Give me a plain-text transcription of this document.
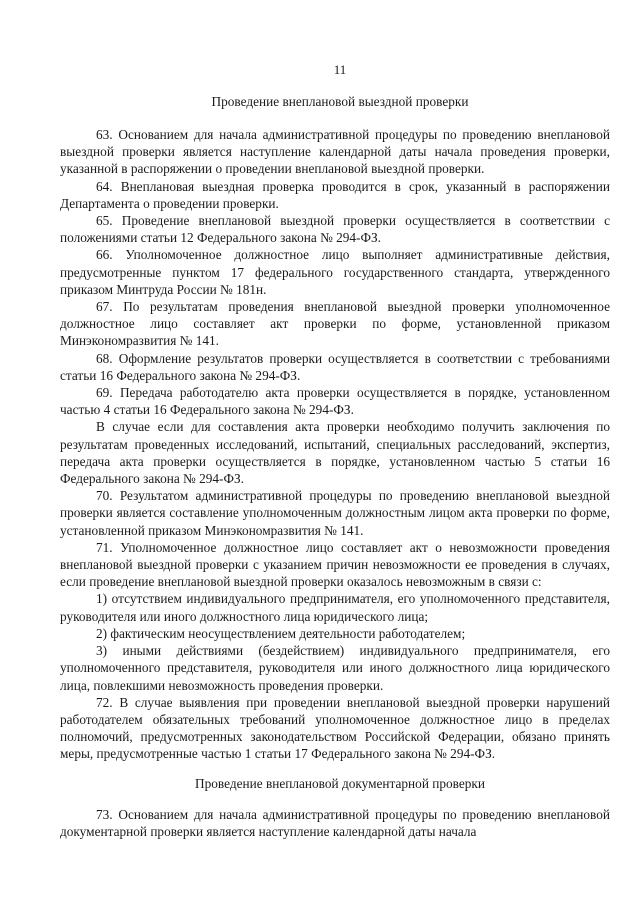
11
Проведение внеплановой выездной проверки

63. Основанием для начала административной процедуры по проведению внеплановой выездной проверки является наступление календарной даты начала проведения проверки, указанной в распоряжении о проведении внеплановой выездной проверки.

64. Внеплановая выездная проверка проводится в срок, указанный в распоряжении Департамента о проведении проверки.

65. Проведение внеплановой выездной проверки осуществляется в соответствии с положениями статьи 12 Федерального закона № 294-ФЗ.

66. Уполномоченное должностное лицо выполняет административные действия, предусмотренные пунктом 17 федерального государственного стандарта, утвержденного приказом Минтруда России № 181н.

67. По результатам проведения внеплановой выездной проверки уполномоченное должностное лицо составляет акт проверки по форме, установленной приказом Минэкономразвития № 141.

68. Оформление результатов проверки осуществляется в соответствии с требованиями статьи 16 Федерального закона № 294-ФЗ.

69. Передача работодателю акта проверки осуществляется в порядке, установленном частью 4 статьи 16 Федерального закона № 294-ФЗ.

В случае если для составления акта проверки необходимо получить заключения по результатам проведенных исследований, испытаний, специальных расследований, экспертиз, передача акта проверки осуществляется в порядке, установленном частью 5 статьи 16 Федерального закона № 294-ФЗ.

70. Результатом административной процедуры по проведению внеплановой выездной проверки является составление уполномоченным должностным лицом акта проверки по форме, установленной приказом Минэкономразвития № 141.

71. Уполномоченное должностное лицо составляет акт о невозможности проведения внеплановой выездной проверки с указанием причин невозможности ее проведения в случаях, если проведение внеплановой выездной проверки оказалось невозможным в связи с:

1) отсутствием индивидуального предпринимателя, его уполномоченного представителя, руководителя или иного должностного лица юридического лица;

2) фактическим неосуществлением деятельности работодателем;

3) иными действиями (бездействием) индивидуального предпринимателя, его уполномоченного представителя, руководителя или иного должностного лица юридического лица, повлекшими невозможность проведения проверки.

72. В случае выявления при проведении внеплановой выездной проверки нарушений работодателем обязательных требований уполномоченное должностное лицо в пределах полномочий, предусмотренных законодательством Российской Федерации, обязано принять меры, предусмотренные частью 1 статьи 17 Федерального закона № 294-ФЗ.

Проведение внеплановой документарной проверки

73. Основанием для начала административной процедуры по проведению внеплановой документарной проверки является наступление календарной даты начала
